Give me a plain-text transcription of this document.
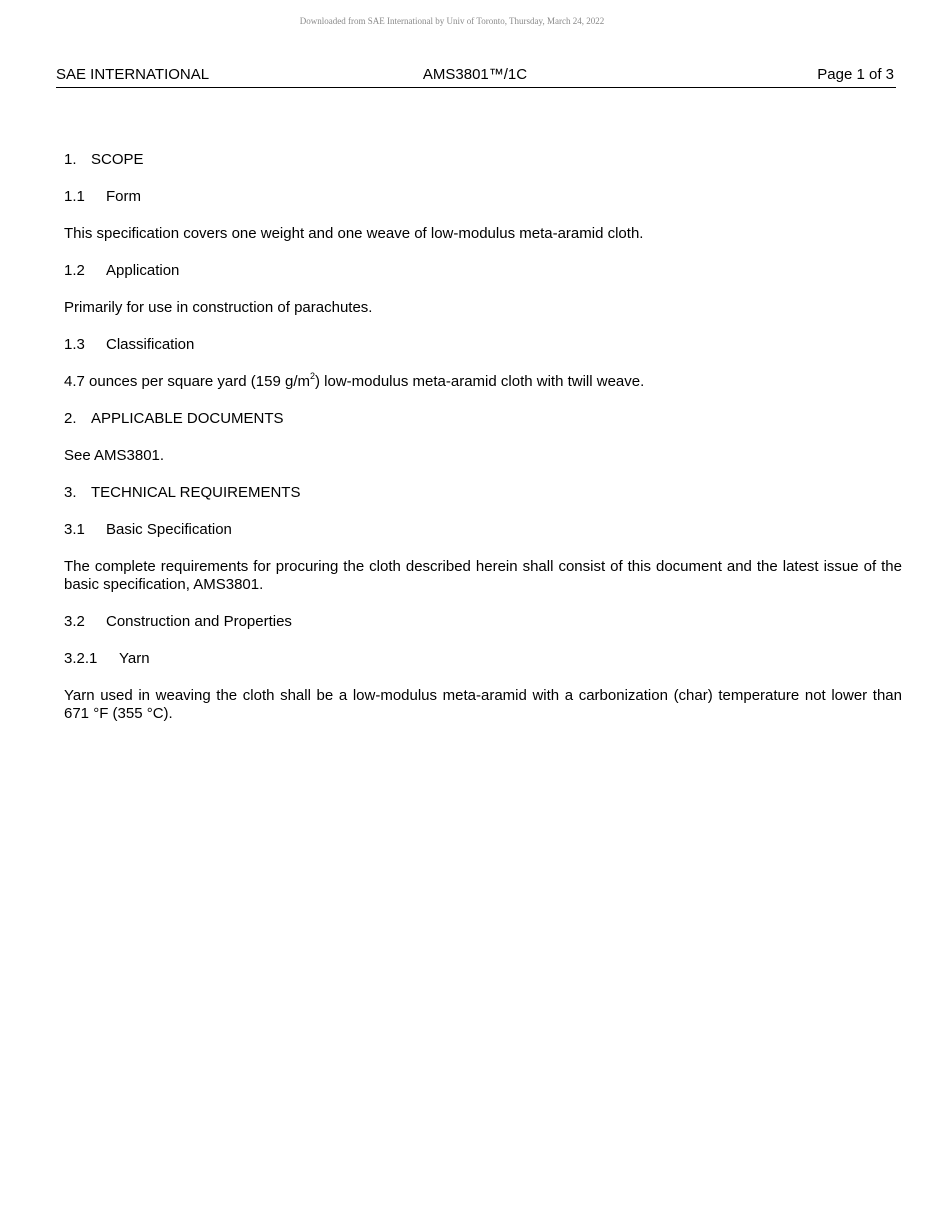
Downloaded from SAE International by Univ of Toronto, Thursday, March 24, 2022
SAE INTERNATIONAL	AMS3801™/1C	Page 1 of 3

1. SCOPE

1.1 Form

This specification covers one weight and one weave of low-modulus meta-aramid cloth.

1.2 Application

Primarily for use in construction of parachutes.

1.3 Classification

4.7 ounces per square yard (159 $g/m^2$) low-modulus meta-aramid cloth with twill weave.

2. APPLICABLE DOCUMENTS

See AMS3801.

3. TECHNICAL REQUIREMENTS

3.1 Basic Specification

The complete requirements for procuring the cloth described herein shall consist of this document and the latest issue of the basic specification, AMS3801.

3.2 Construction and Properties

3.2.1 Yarn

Yarn used in weaving the cloth shall be a low-modulus meta-aramid with a carbonization (char) temperature not lower than 671 °F (355 °C).
